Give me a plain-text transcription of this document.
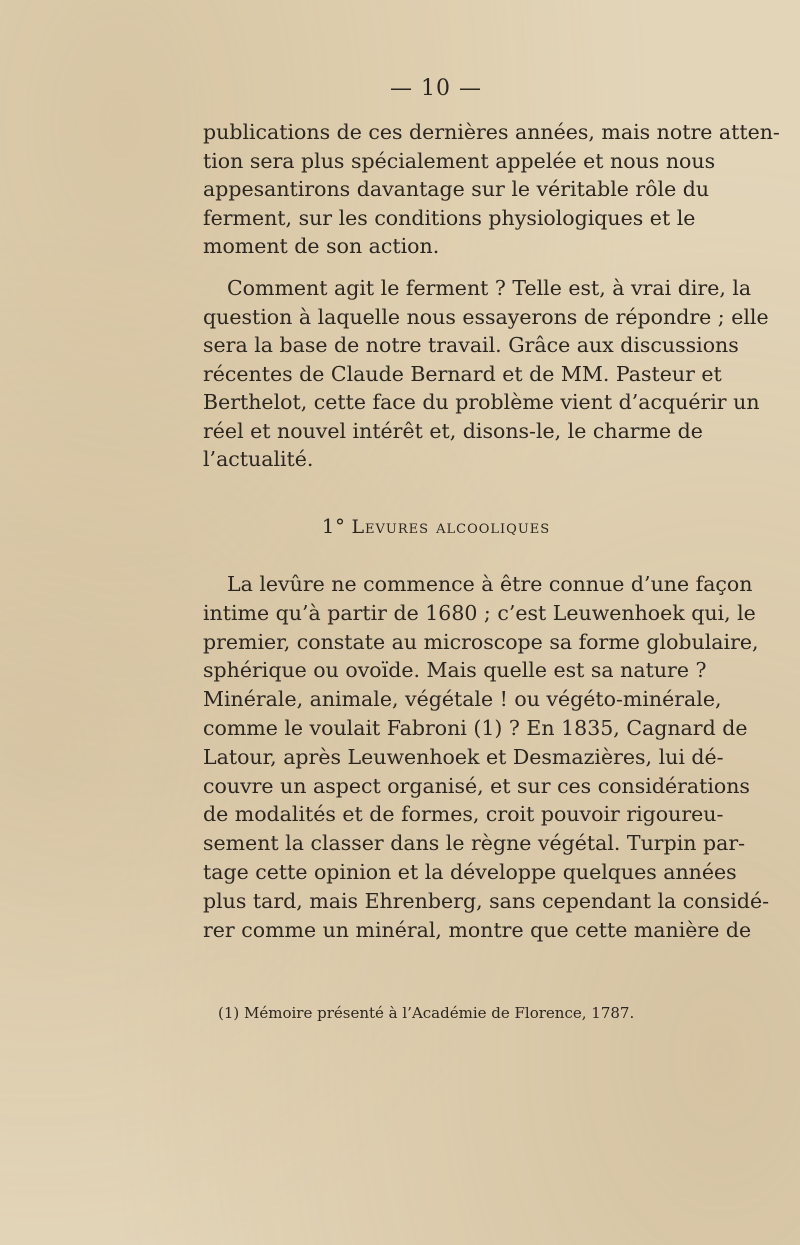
— 10 —
publications de ces dernières années, mais notre atten-
tion sera plus spécialement appelée et nous nous
appesantirons davantage sur le véritable rôle du
ferment, sur les conditions physiologiques et le
moment de son action.
Comment agit le ferment ? Telle est, à vrai dire, la
question à laquelle nous essayerons de répondre ; elle
sera la base de notre travail. Grâce aux discussions
récentes de Claude Bernard et de MM. Pasteur et
Berthelot, cette face du problème vient d’acquérir un
réel et nouvel intérêt et, disons-le, le charme de
l’actualité.
1° Levures alcooliques
La levûre ne commence à être connue d’une façon
intime qu’à partir de 1680 ; c’est Leuwenhoek qui, le
premier, constate au microscope sa forme globulaire,
sphérique ou ovoïde. Mais quelle est sa nature ?
Minérale, animale, végétale ! ou végéto-minérale,
comme le voulait Fabroni (1) ? En 1835, Cagnard de
Latour, après Leuwenhoek et Desmazières, lui dé-
couvre un aspect organisé, et sur ces considérations
de modalités et de formes, croit pouvoir rigoureu-
sement la classer dans le règne végétal. Turpin par-
tage cette opinion et la développe quelques années
plus tard, mais Ehrenberg, sans cependant la considé-
rer comme un minéral, montre que cette manière de
(1) Mémoire présenté à l’Académie de Florence, 1787.
